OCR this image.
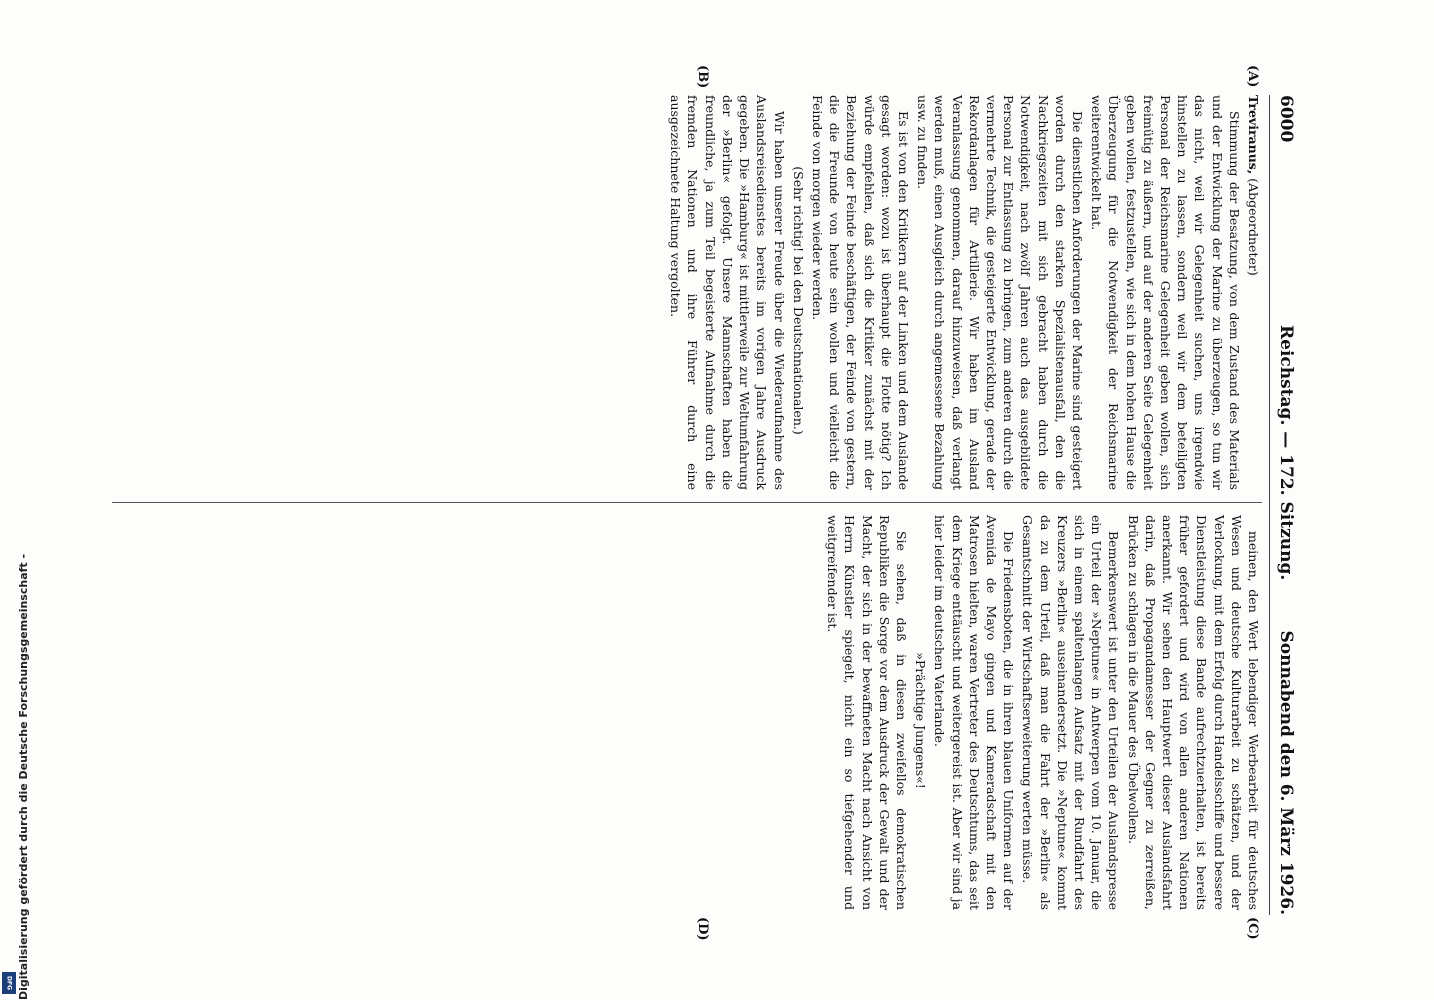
Digitalisierung gefördert durch die Deutsche Forschungsgemeinschaft -
DFG
6000
Reichstag. — 172. Sitzung.
Sonnabend den 6. März 1926.
(A)
(B)
(C)
(D)

Treviranus, (Abgeordneter)

Stimmung der Besatzung, von dem Zustand des Materials und der Entwicklung der Marine zu überzeugen, so tun wir das nicht, weil wir Gelegenheit suchen, uns irgendwie hinstellen zu lassen, sondern weil wir dem beteiligten Personal der Reichsmarine Gelegenheit geben wollen, sich freimütig zu äußern, und auf der anderen Seite Gelegenheit geben wollen, festzustellen, wie sich in dem hohen Hause die Überzeugung für die Notwendigkeit der Reichsmarine weiterentwickelt hat.

Die dienstlichen Anforderungen der Marine sind gesteigert worden durch den starken Spezialistenausfall, den die Nachkriegszeiten mit sich gebracht haben durch die Notwendigkeit, nach zwölf Jahren auch das ausgebildete Personal zur Entlassung zu bringen, zum anderen durch die vermehrte Technik, die gesteigerte Entwicklung, gerade der Rekordanlagen für Artillerie. Wir haben im Ausland Veranlassung genommen, darauf hinzuweisen, daß verlangt werden muß, einen Ausgleich durch angemessene Bezahlung usw. zu finden.

Es ist von den Kritikern auf der Linken und dem Auslande gesagt worden: wozu ist überhaupt die Flotte nötig? Ich würde empfehlen, daß sich die Kritiker zunächst mit der Beziehung der Feinde beschäftigen, der Feinde von gestern, die die Freunde von heute sein wollen und vielleicht die Feinde von morgen wieder werden.

(Sehr richtig! bei den Deutschnationalen.)

Wir haben unserer Freude über die Wiederaufnahme des Auslandsreisedienstes bereits im vorigen Jahre Ausdruck gegeben. Die »Hamburg« ist mittlerweile zur Weltumfahrung der »Berlin« gefolgt. Unsere Mannschaften haben die freundliche, ja zum Teil begeisterte Aufnahme durch die fremden Nationen und ihre Führer durch eine ausgezeichnete Haltung vergolten.

meinen, den Wert lebendiger Werbearbeit für deutsches Wesen und deutsche Kulturarbeit zu schätzen, und der Verlockung, mit dem Erfolg durch Handelsschiffe und bessere Dienstleistung diese Bande aufrechtzuerhalten, ist bereits früher gefordert und wird von allen anderen Nationen anerkannt. Wir sehen den Hauptwert dieser Auslandsfahrt darin, daß Propagandamesser der Gegner zu zerreißen, Brücken zu schlagen in die Mauer des Übelwollens.

Bemerkenswert ist unter den Urteilen der Auslandspresse ein Urteil der »Neptune« in Antwerpen vom 10. Januar, die sich in einem spaltenlangen Aufsatz mit der Rundfahrt des Kreuzers »Berlin« auseinandersetzt. Die »Neptune« kommt da zu dem Urteil, daß man die Fahrt der »Berlin« als Gesamtschnitt der Wirtschaftserweiterung werten müsse.

Die Friedensboten, die in ihren blauen Uniformen auf der Avenida de Mayo gingen und Kameradschaft mit den Matrosen hielten, waren Vertreter des Deutschtums, das seit dem Kriege enttäuscht und weitergereist ist. Aber wir sind ja hier leider im deutschen Vaterlande.

»Prächtige Jungens«!

Sie sehen, daß in diesen zweifellos demokratischen Republiken die Sorge vor dem Ausdruck der Gewalt und der Macht, der sich in der bewaffneten Macht nach Ansicht von Herrn Künstler spiegelt, nicht ein so tiefgehender und weitgreifender ist.
